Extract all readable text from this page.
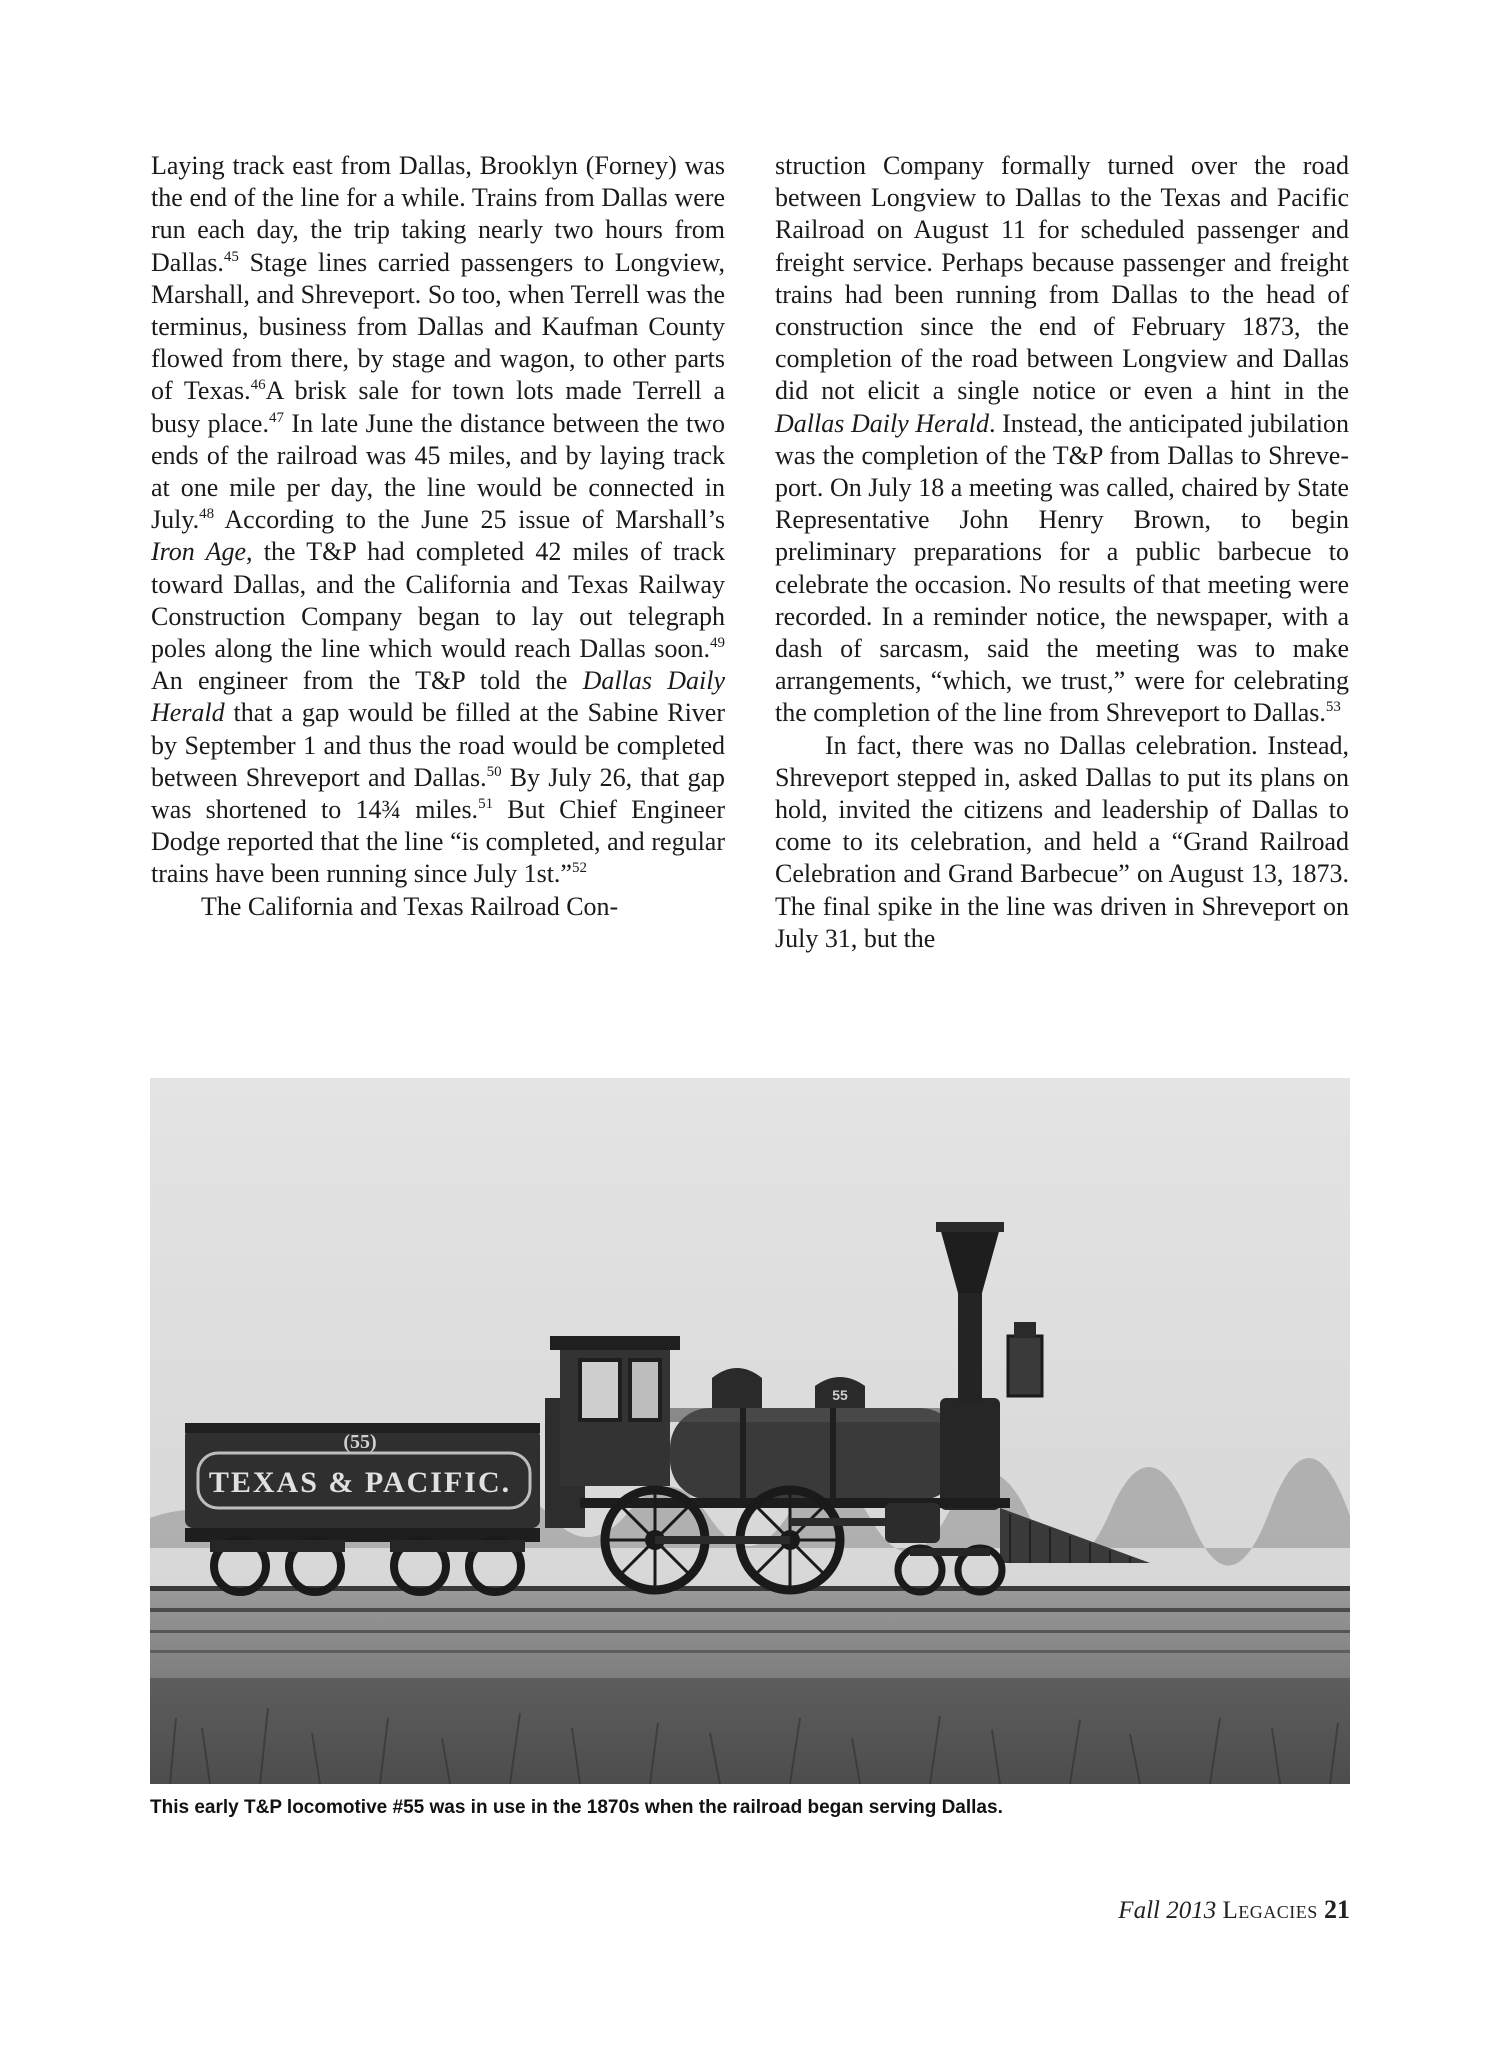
Laying track east from Dallas, Brooklyn (Forney) was the end of the line for a while. Trains from Dallas were run each day, the trip taking nearly two hours from Dallas.$^{45}$ Stage lines carried passengers to Longview, Marshall, and Shreveport. So too, when Terrell was the terminus, business from Dallas and Kaufman County flowed from there, by stage and wagon, to other parts of Texas.$^{46}$A brisk sale for town lots made Terrell a busy place.$^{47}$ In late June the distance between the two ends of the railroad was 45 miles, and by laying track at one mile per day, the line would be connected in July.$^{48}$ According to the June 25 issue of Marshall’s Iron Age, the T&P had completed 42 miles of track toward Dallas, and the California and Texas Railway Construction Company began to lay out telegraph poles along the line which would reach Dallas soon.$^{49}$ An engineer from the T&P told the Dallas Daily Herald that a gap would be filled at the Sabine River by September 1 and thus the road would be completed between Shreveport and Dallas.$^{50}$ By July 26, that gap was shortened to 14¾ miles.$^{51}$ But Chief Engineer Dodge reported that the line “is completed, and regular trains have been running since July 1st.”$^{52}$

The California and Texas Railroad Con-

struction Company formally turned over the road between Longview to Dallas to the Texas and Pacific Railroad on August 11 for scheduled passenger and freight service. Perhaps because passenger and freight trains had been running from Dallas to the head of construction since the end of February 1873, the completion of the road between Longview and Dallas did not elicit a single notice or even a hint in the Dallas Daily Herald. Instead, the anticipated jubilation was the completion of the T&P from Dallas to Shreveport. On July 18 a meeting was called, chaired by State Representative John Henry Brown, to begin preliminary preparations for a public barbecue to celebrate the occasion. No results of that meeting were recorded. In a reminder notice, the newspaper, with a dash of sarcasm, said the meeting was to make arrangements, “which, we trust,” were for celebrating the completion of the line from Shreveport to Dallas.$^{53}$

In fact, there was no Dallas celebration. Instead, Shreveport stepped in, asked Dallas to put its plans on hold, invited the citizens and leadership of Dallas to come to its celebration, and held a “Grand Railroad Celebration and Grand Barbecue” on August 13, 1873. The final spike in the line was driven in Shreveport on July 31, but the

TEXAS & PACIFIC.
(55)
55
This early T&P locomotive #55 was in use in the 1870s when the railroad began serving Dallas.
Fall 2013 Legacies 21
